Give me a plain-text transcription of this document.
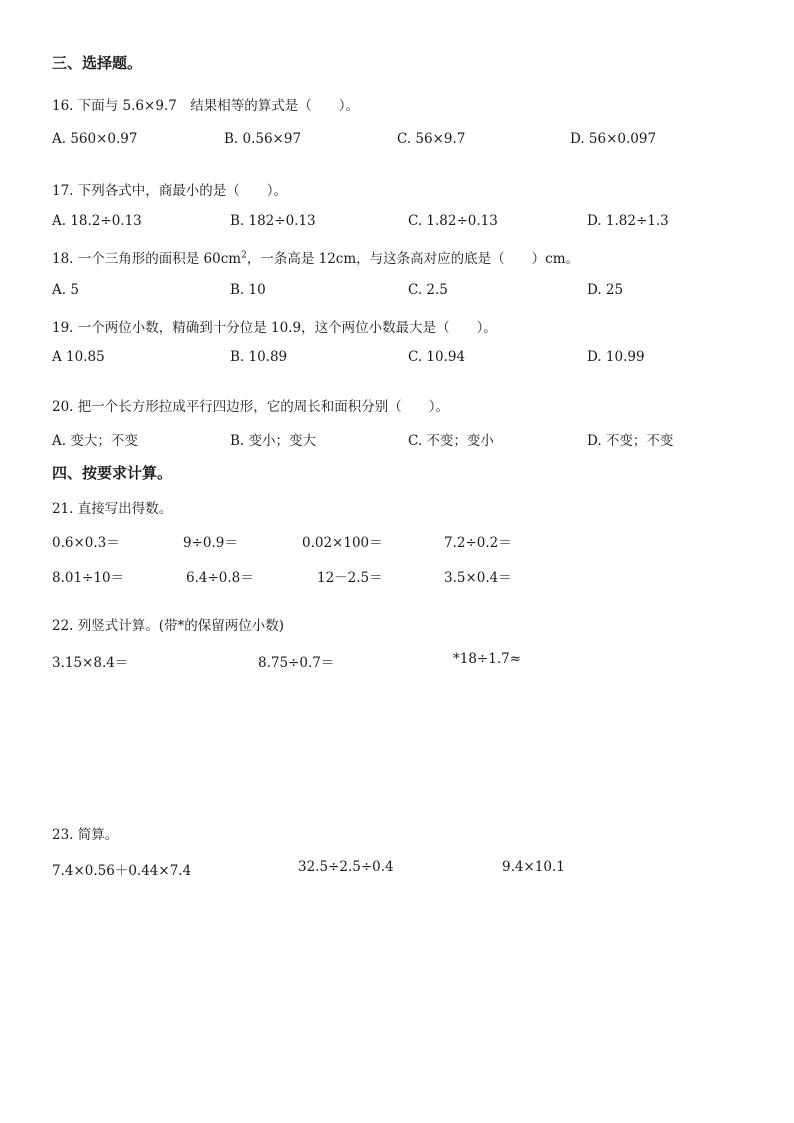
三、选择题。
16. 下面与 5.6×9.7　结果相等的算式是（　　）。
A. 560×0.97	B. 0.56×97	C. 56×9.7	D. 56×0.097
17. 下列各式中，商最小的是（　　）。
A. 18.2÷0.13	B. 182÷0.13	C. 1.82÷0.13	D. 1.82÷1.3
18. 一个三角形的面积是 $60cm^2$，一条高是 12cm，与这条高对应的底是（　　）cm。
A. 5	B. 10	C. 2.5	D. 25
19. 一个两位小数，精确到十分位是 10.9，这个两位小数最大是（　　）。
A 10.85	B. 10.89	C. 10.94	D. 10.99
20. 把一个长方形拉成平行四边形，它的周长和面积分别（　　）。
A. 变大；不变	B. 变小；变大	C. 不变；变小	D. 不变；不变
四、按要求计算。
21. 直接写出得数。
0.6×0.3＝	9÷0.9＝	0.02×100＝	7.2÷0.2＝
8.01÷10＝	6.4÷0.8＝	12－2.5＝	3.5×0.4＝
22. 列竖式计算。(带*的保留两位小数)
3.15×8.4＝	8.75÷0.7＝	*18÷1.7≈
23. 简算。
7.4×0.56＋0.44×7.4	32.5÷2.5÷0.4	9.4×10.1
